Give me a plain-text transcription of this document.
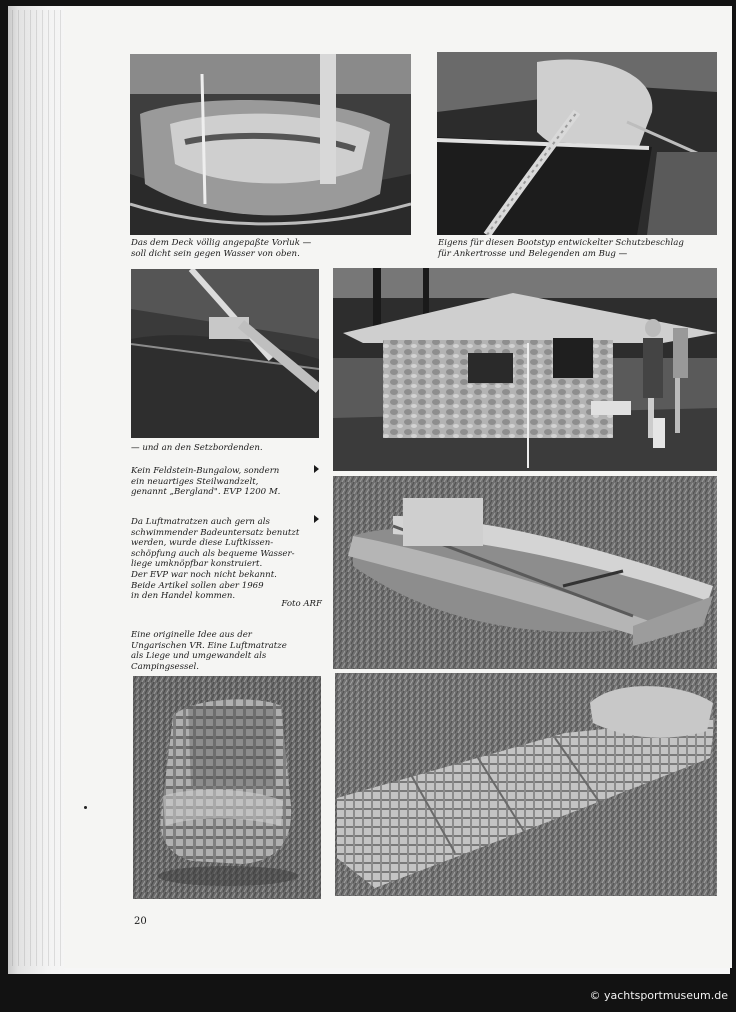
Das dem Deck völlig angepaßte Vorluk —
soll dicht sein gegen Wasser von oben.
Eigens für diesen Bootstyp entwickelter Schutzbeschlag
für Ankertrosse und Belegenden am Bug —
— und an den Setzbordenden.
Kein Feldstein-Bungalow, sondern
ein neuartiges Steilwandzelt,
genannt „Bergland". EVP 1200 M.
Da Luftmatratzen auch gern als
schwimmender Badeuntersatz benutzt
werden, wurde diese Luftkissen-
schöpfung auch als bequeme Wasser-
liege umknöpfbar konstruiert.
Der EVP war noch nicht bekannt.
Beide Artikel sollen aber 1969
in den Handel kommen.
Foto ARF
Eine originelle Idee aus der
Ungarischen VR. Eine Luftmatratze
als Liege und umgewandelt als
Campingsessel.
20
© yachtsportmuseum.de
